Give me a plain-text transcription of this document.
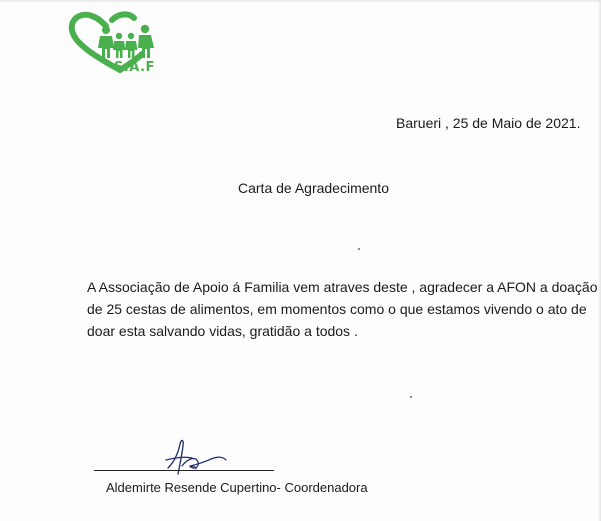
S.A.F
Barueri , 25 de Maio de 2021.
Carta de Agradecimento
A Associação de Apoio á Familia vem atraves deste , agradecer a AFON a doação
de 25 cestas de alimentos, em momentos como o que estamos vivendo o ato de
doar esta salvando vidas, gratidão a todos .
Aldemirte Resende Cupertino- Coordenadora
